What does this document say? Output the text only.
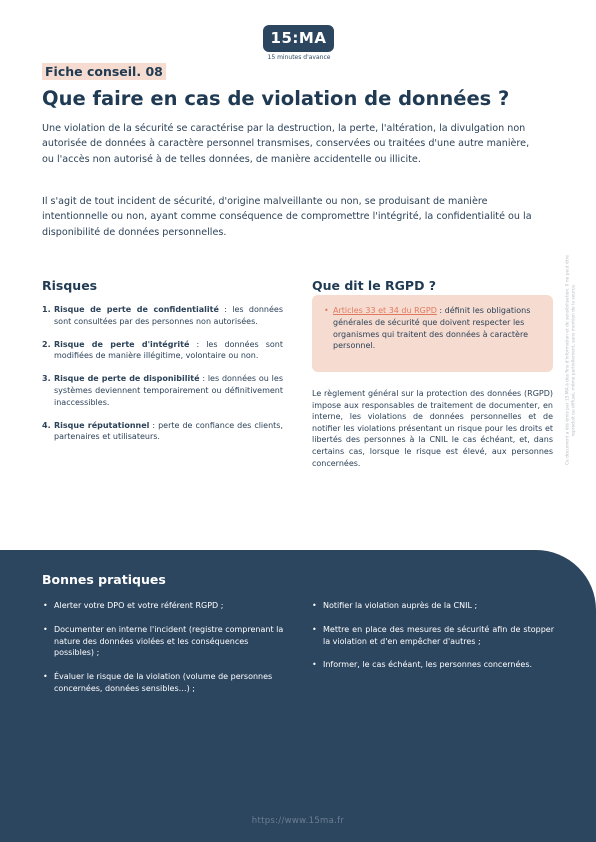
15:MA
15 minutes d'avance
Fiche conseil. 08
Que faire en cas de violation de données ?

Une violation de la sécurité se caractérise par la destruction, la perte, l'altération, la divulgation non autorisée de données à caractère personnel transmises, conservées ou traitées d'une autre manière, ou l'accès non autorisé à de telles données, de manière accidentelle ou illicite.

Il s'agit de tout incident de sécurité, d'origine malveillante ou non, se produisant de manière intentionnelle ou non, ayant comme conséquence de compromettre l'intégrité, la confidentialité ou la disponibilité de données personnelles.

Risques
1. Risque de perte de confidentialité : les données sont consultées par des personnes non autorisées.
2. Risque de perte d'intégrité : les données sont modifiées de manière illégitime, volontaire ou non.
3. Risque de perte de disponibilité : les données ou les systèmes deviennent temporairement ou définitivement inaccessibles.
4. Risque réputationnel : perte de confiance des clients, partenaires et utilisateurs.
Que dit le RGPD ?
• Articles 33 et 34 du RGPD : définit les obligations générales de sécurité que doivent respecter les organismes qui traitent des données à caractère personnel.

Le règlement général sur la protection des données (RGPD) impose aux responsables de traitement de documenter, en interne, les violations de données personnelles et de notifier les violations présentant un risque pour les droits et libertés des personnes à la CNIL le cas échéant, et, dans certains cas, lorsque le risque est élevé, aux personnes concernées.	Ce document a été émis par 15 MA à des fins d'information et de sensibilisation. Il ne peut être reproduit ou diffusé, même partiellement, sans mention de la source.
Bonnes pratiques
• Alerter votre DPO et votre référent RGPD ;
• Documenter en interne l'incident (registre comprenant la nature des données violées et les conséquences possibles) ;
• Évaluer le risque de la violation (volume de personnes concernées, données sensibles…) ;
• Notifier la violation auprès de la CNIL ;
• Mettre en place des mesures de sécurité afin de stopper la violation et d'en empêcher d'autres ;
• Informer, le cas échéant, les personnes concernées.
https://www.15ma.fr
